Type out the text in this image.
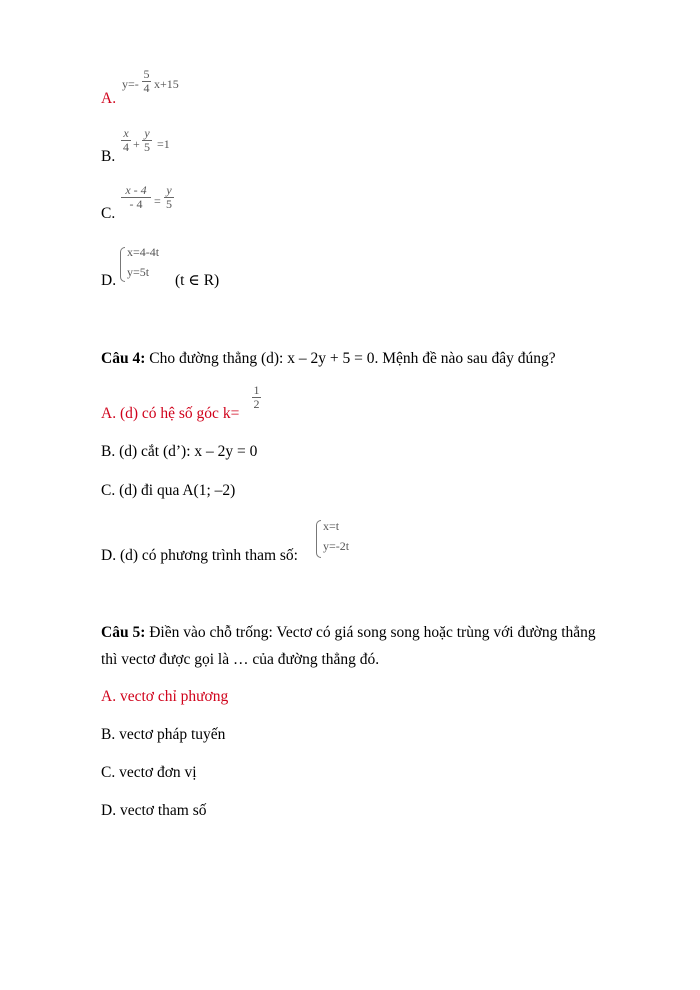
A.
y=-
5
4 x+15
B.
x
4 +
y
5 =1
C.
x - 4
- 4 =
y
5
D.
x=4-4t
y=5t (t ∈ R)
Câu 4: Cho đường thẳng (d): x – 2y + 5 = 0. Mệnh đề nào sau đây đúng?
A. (d) có hệ số góc k=
1
2
B. (d) cắt (d’): x – 2y = 0
C. (d) đi qua A(1; –2)
D. (d) có phương trình tham số:
x=t
y=-2t
Câu 5: Điền vào chỗ trống: Vectơ có giá song song hoặc trùng với đường thẳng
thì vectơ được gọi là … của đường thẳng đó.
A. vectơ chỉ phương
B. vectơ pháp tuyến
C. vectơ đơn vị
D. vectơ tham số
